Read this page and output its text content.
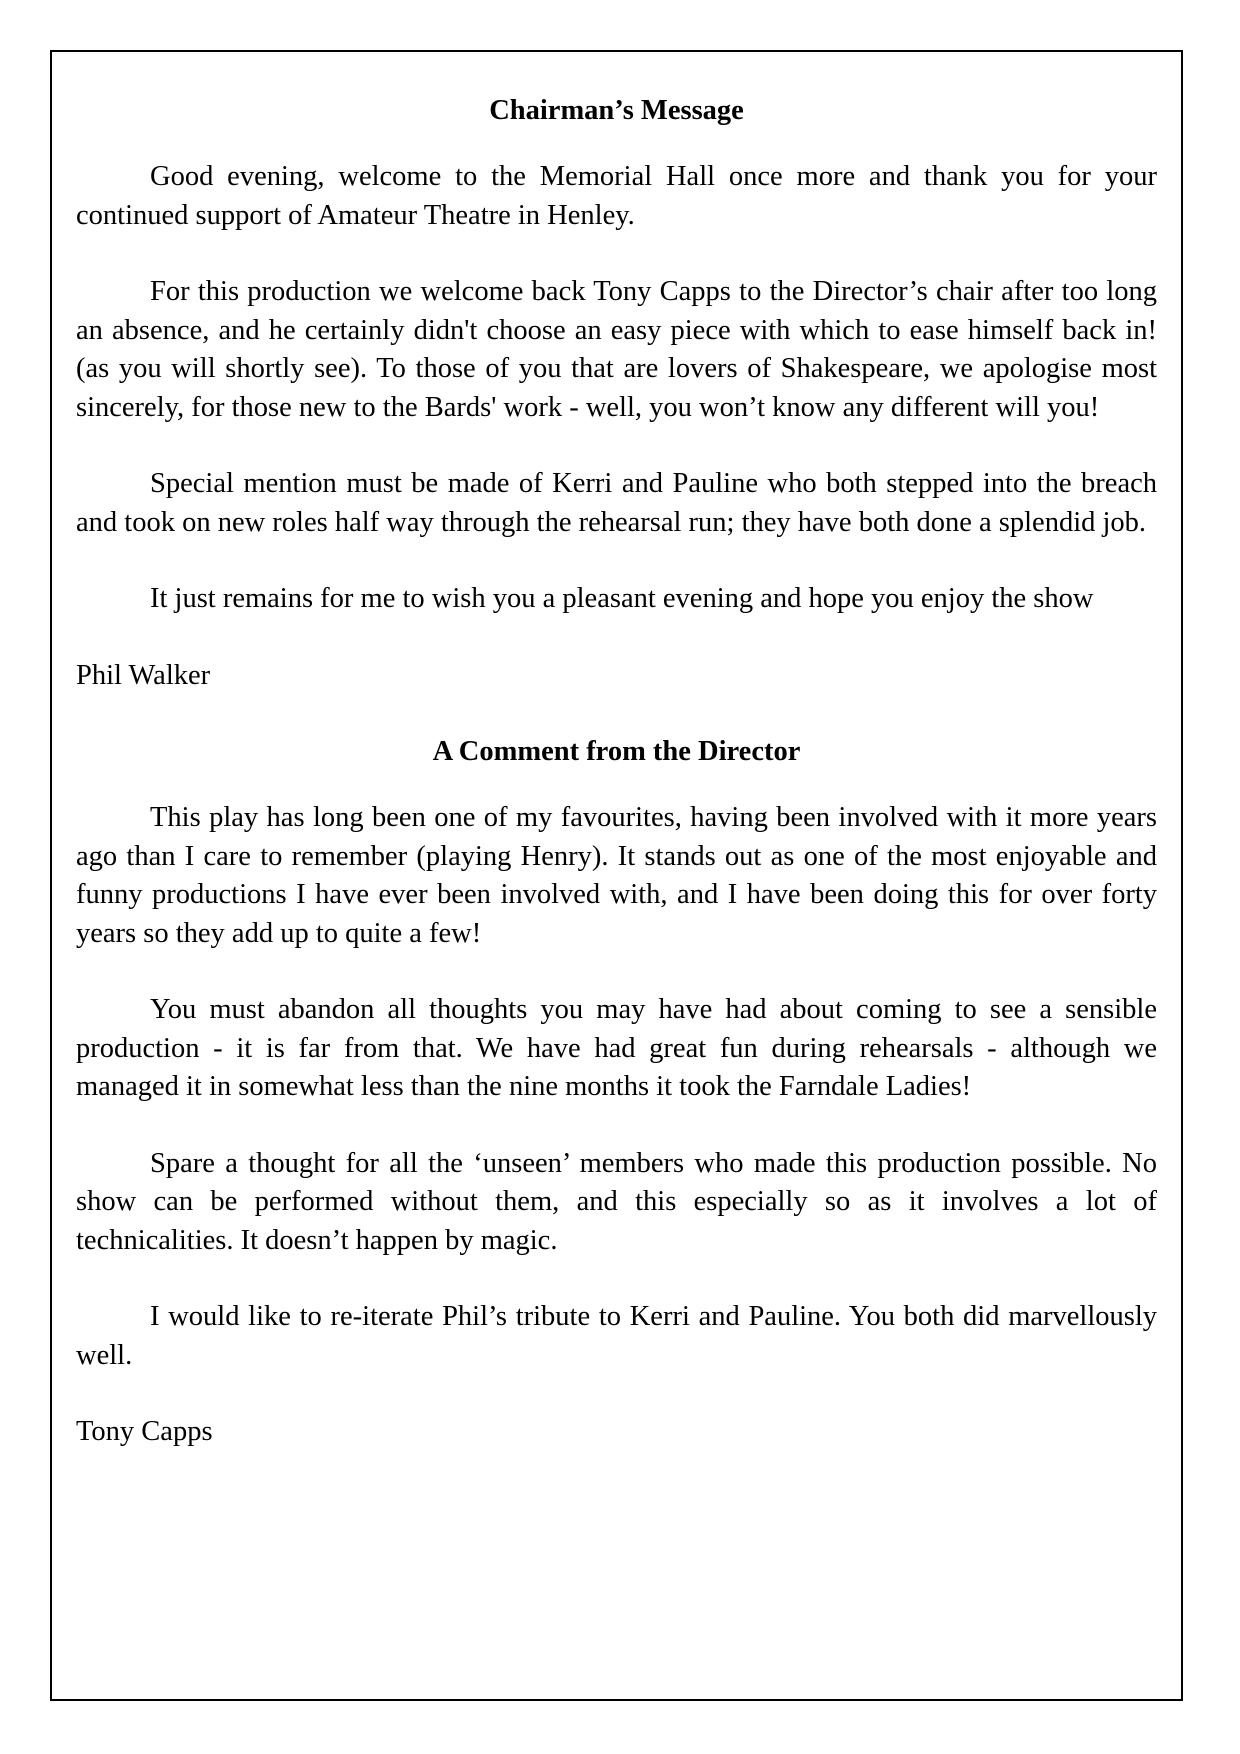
Chairman’s Message

Good evening, welcome to the Memorial Hall once more and thank you for your continued support of Amateur Theatre in Henley.

For this production we welcome back Tony Capps to the Director’s chair after too long an absence, and he certainly didn't choose an easy piece with which to ease himself back in! (as you will shortly see). To those of you that are lovers of Shakespeare, we apologise most sincerely, for those new to the Bards' work - well, you won’t know any different will you!

Special mention must be made of Kerri and Pauline who both stepped into the breach and took on new roles half way through the rehearsal run; they have both done a splendid job.

It just remains for me to wish you a pleasant evening and hope you enjoy the show

Phil Walker

A Comment from the Director

This play has long been one of my favourites, having been involved with it more years ago than I care to remember (playing Henry). It stands out as one of the most enjoyable and funny productions I have ever been involved with, and I have been doing this for over forty years so they add up to quite a few!

You must abandon all thoughts you may have had about coming to see a sensible production - it is far from that. We have had great fun during rehearsals - although we managed it in somewhat less than the nine months it took the Farndale Ladies!

Spare a thought for all the ‘unseen’ members who made this production possible. No show can be performed without them, and this especially so as it involves a lot of technicalities. It doesn’t happen by magic.

I would like to re-iterate Phil’s tribute to Kerri and Pauline. You both did marvellously well.

Tony Capps
